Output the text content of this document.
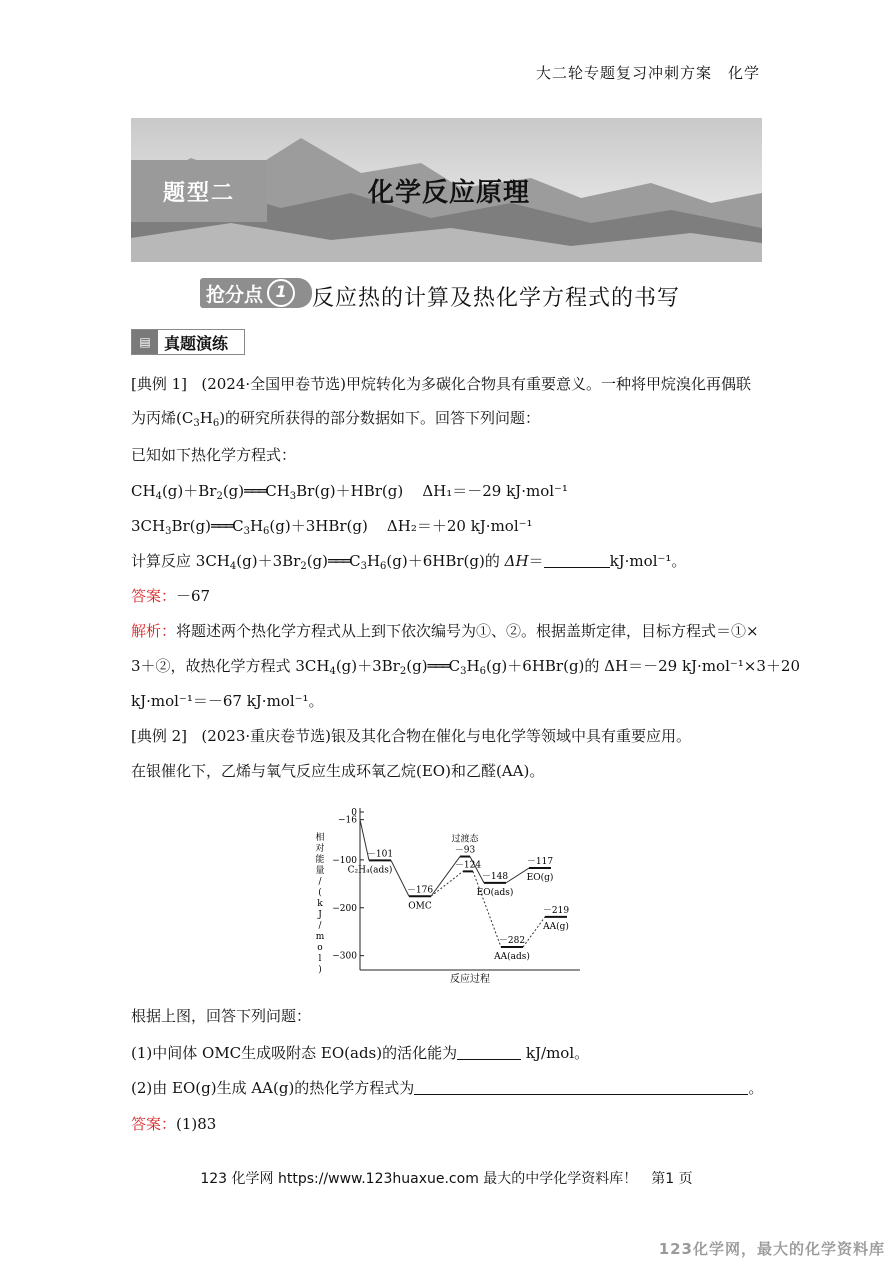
大二轮专题复习冲刺方案　化学
题型二	化学反应原理
抢分点 1	反应热的计算及热化学方程式的书写
▤ 真题演练
[典例 1] (2024·全国甲卷节选)甲烷转化为多碳化合物具有重要意义。一种将甲烷溴化再偶联
为丙烯$(C_3H_6)$的研究所获得的部分数据如下。回答下列问题：
已知如下热化学方程式：
$CH_4(g)+Br_2(g)═══CH_3Br(g)+HBr(g)$    ΔH₁＝－29 kJ·mol⁻¹
$3CH_3Br(g)═══C_3H_6(g)+3HBr(g)$    ΔH₂＝＋20 kJ·mol⁻¹
计算反应 $3CH_4(g)+3Br_2(g)═══C_3H_6(g)+6HBr(g)$的 ΔH＝	kJ·mol⁻¹。
答案：－67
解析：将题述两个热化学方程式从上到下依次编号为①、②。根据盖斯定律，目标方程式＝①×
3＋②，故热化学方程式 $3CH_4(g)+3Br_2(g)═══C_3H_6(g)+6HBr(g)$的 ΔH＝－29 kJ·mol⁻¹×3＋20
kJ·mol⁻¹＝－67 kJ·mol⁻¹。
[典例 2] (2023·重庆卷节选)银及其化合物在催化与电化学等领域中具有重要应用。
在银催化下，乙烯与氧气反应生成环氧乙烷(EO)和乙醛(AA)。
0
−16
−100
−200
−300
相
对
能
量
/
(
k
J
/
m
o
l
)
反应过程
－101
－176
－93
－124
－148
－117
－282
－219
C₂H₄(ads)
OMC
EO(ads)
EO(g)
AA(ads)
AA(g)
过渡态
根据上图，回答下列问题：
(1)中间体 OMC生成吸附态 EO(ads)的活化能为	kJ/mol。
(2)由 EO(g)生成 AA(g)的热化学方程式为	。
答案：(1)83
123 化学网 https://www.123huaxue.com 最大的中学化学资料库！　第1 页
123化学网，最大的化学资料库
